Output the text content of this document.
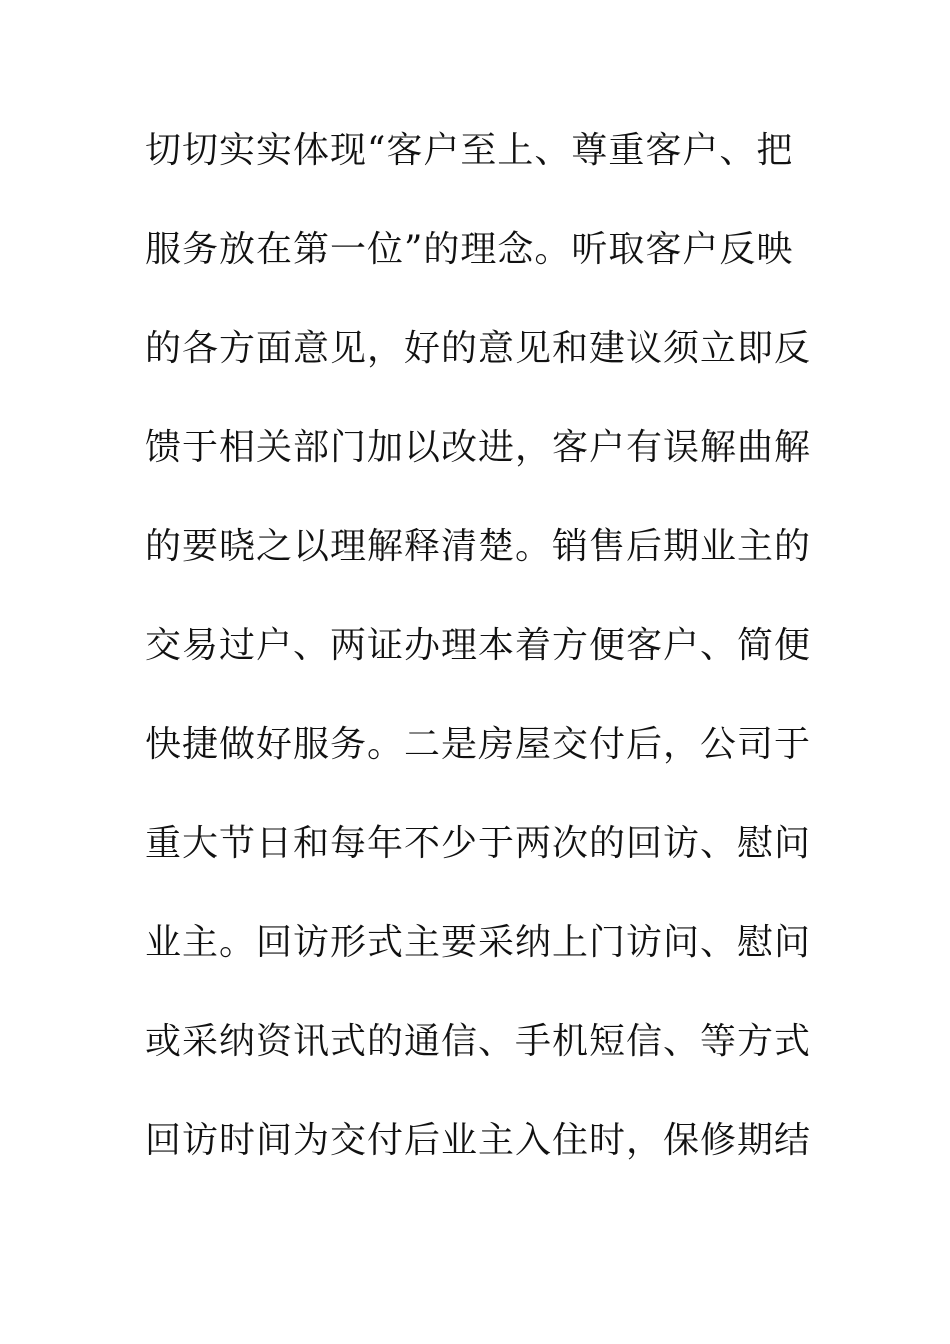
切切实实体现“客户至上、尊重客户、把
服务放在第一位”的理念。听取客户反映
的各方面意见，好的意见和建议须立即反
馈于相关部门加以改进，客户有误解曲解
的要晓之以理解释清楚。销售后期业主的
交易过户、两证办理本着方便客户、简便
快捷做好服务。二是房屋交付后，公司于
重大节日和每年不少于两次的回访、慰问
业主。回访形式主要采纳上门访问、慰问
或采纳资讯式的通信、手机短信、等方式
回访时间为交付后业主入住时，保修期结
